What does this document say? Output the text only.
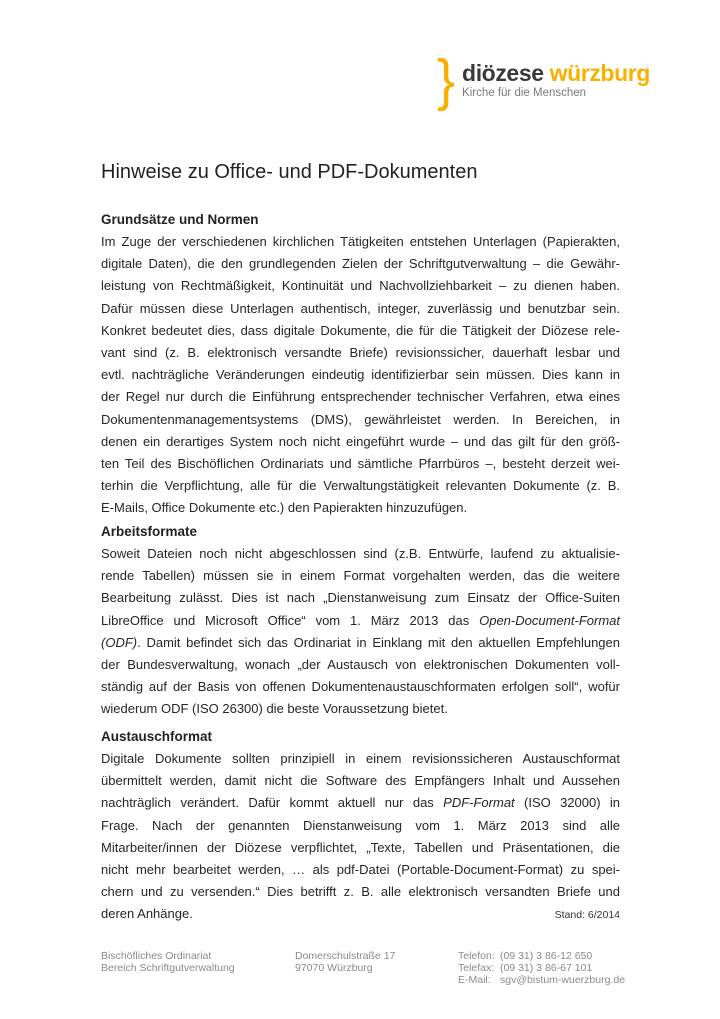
} diözese würzburg
Kirche für die Menschen
Hinweise zu Office- und PDF-Dokumenten
Grundsätze und Normen
Im Zuge der verschiedenen kirchlichen Tätigkeiten entstehen Unterlagen (Papierakten,
digitale Daten), die den grundlegenden Zielen der Schriftgutverwaltung – die Gewähr-
leistung von Rechtmäßigkeit, Kontinuität und Nachvollziehbarkeit – zu dienen haben.
Dafür müssen diese Unterlagen authentisch, integer, zuverlässig und benutzbar sein.
Konkret bedeutet dies, dass digitale Dokumente, die für die Tätigkeit der Diözese rele-
vant sind (z. B. elektronisch versandte Briefe) revisionssicher, dauerhaft lesbar und
evtl. nachträgliche Veränderungen eindeutig identifizierbar sein müssen. Dies kann in
der Regel nur durch die Einführung entsprechender technischer Verfahren, etwa eines
Dokumentenmanagementsystems (DMS), gewährleistet werden. In Bereichen, in
denen ein derartiges System noch nicht eingeführt wurde – und das gilt für den größ-
ten Teil des Bischöflichen Ordinariats und sämtliche Pfarrbüros –, besteht derzeit wei-
terhin die Verpflichtung, alle für die Verwaltungstätigkeit relevanten Dokumente (z. B.
E-Mails, Office Dokumente etc.) den Papierakten hinzuzufügen.
Arbeitsformate
Soweit Dateien noch nicht abgeschlossen sind (z.B. Entwürfe, laufend zu aktualisie-
rende Tabellen) müssen sie in einem Format vorgehalten werden, das die weitere
Bearbeitung zulässt. Dies ist nach „Dienstanweisung zum Einsatz der Office-Suiten
LibreOffice und Microsoft Office“ vom 1. März 2013 das Open-Document-Format
(ODF). Damit befindet sich das Ordinariat in Einklang mit den aktuellen Empfehlungen
der Bundesverwaltung, wonach „der Austausch von elektronischen Dokumenten voll-
ständig auf der Basis von offenen Dokumentenaustauschformaten erfolgen soll“, wofür
wiederum ODF (ISO 26300) die beste Voraussetzung bietet.
Austauschformat
Digitale Dokumente sollten prinzipiell in einem revisionssicheren Austauschformat
übermittelt werden, damit nicht die Software des Empfängers Inhalt und Aussehen
nachträglich verändert. Dafür kommt aktuell nur das PDF-Format (ISO 32000) in
Frage. Nach der genannten Dienstanweisung vom 1. März 2013 sind alle
Mitarbeiter/innen der Diözese verpflichtet, „Texte, Tabellen und Präsentationen, die
nicht mehr bearbeitet werden, … als pdf-Datei (Portable-Document-Format) zu spei-
chern und zu versenden.“ Dies betrifft z. B. alle elektronisch versandten Briefe und
deren Anhänge.	Stand: 6/2014
Bischöfliches Ordinariat
Bereich Schriftgutverwaltung
Domerschulstraße 17
97070 Würzburg
Telefon: (09 31) 3 86-12 650
Telefax: (09 31) 3 86-67 101
E-Mail: sgv@bistum-wuerzburg.de
